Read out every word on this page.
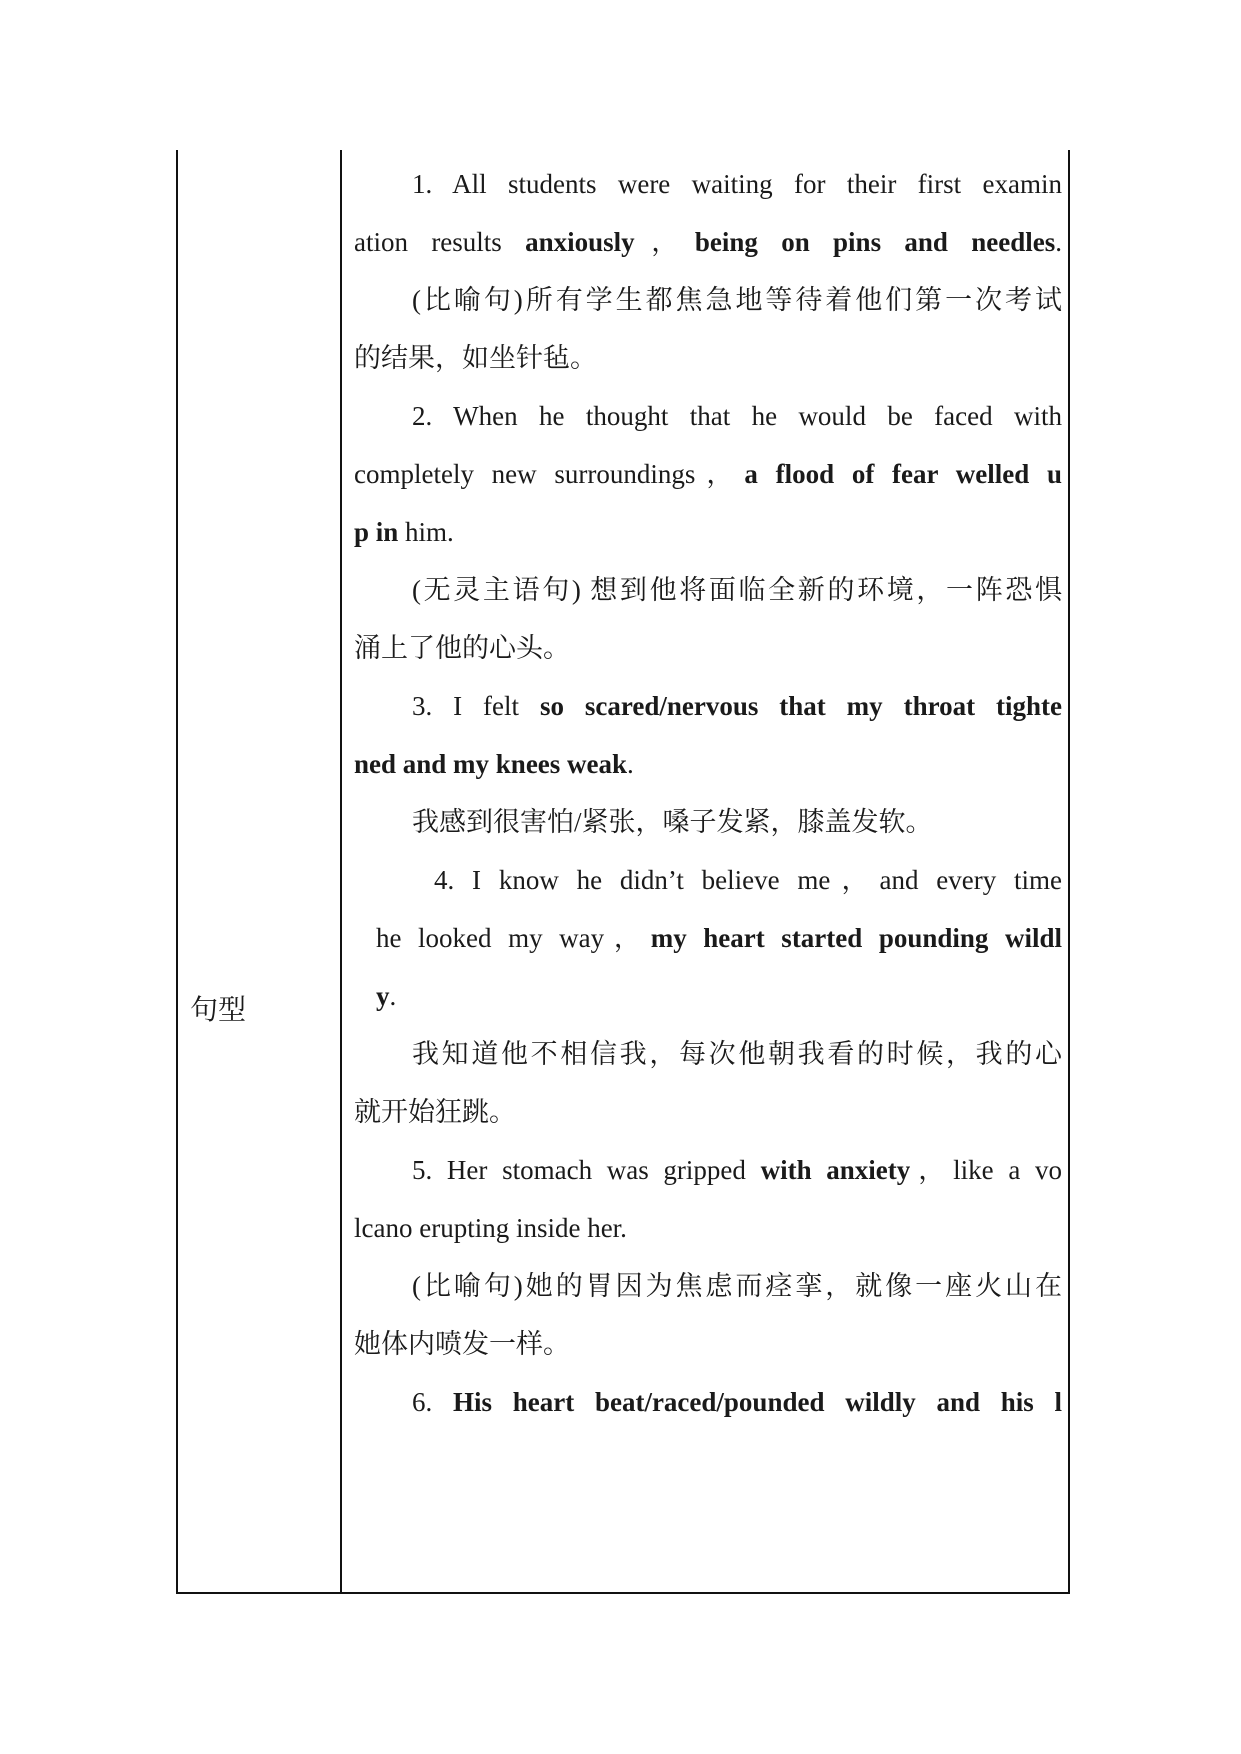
句型
1. All students were waiting for their first examin
ation results anxiously，being on pins and needles.
(比喻句)所有学生都焦急地等待着他们第一次考试
的结果，如坐针毡。
2. When he thought that he would be faced with
completely new surroundings，a flood of fear welled u
p in him.
(无灵主语句) 想到他将面临全新的环境，一阵恐惧
涌上了他的心头。
3. I felt so scared/nervous that my throat tighte
ned and my knees weak.
我感到很害怕/紧张，嗓子发紧，膝盖发软。
4. I know he didn’t believe me，and every time
he looked my way，my heart started pounding wildl
y.
我知道他不相信我，每次他朝我看的时候，我的心
就开始狂跳。
5. Her stomach was gripped with anxiety，like a vo
lcano erupting inside her.
(比喻句)她的胃因为焦虑而痉挛，就像一座火山在
她体内喷发一样。
6. His heart beat/raced/pounded wildly and his l
